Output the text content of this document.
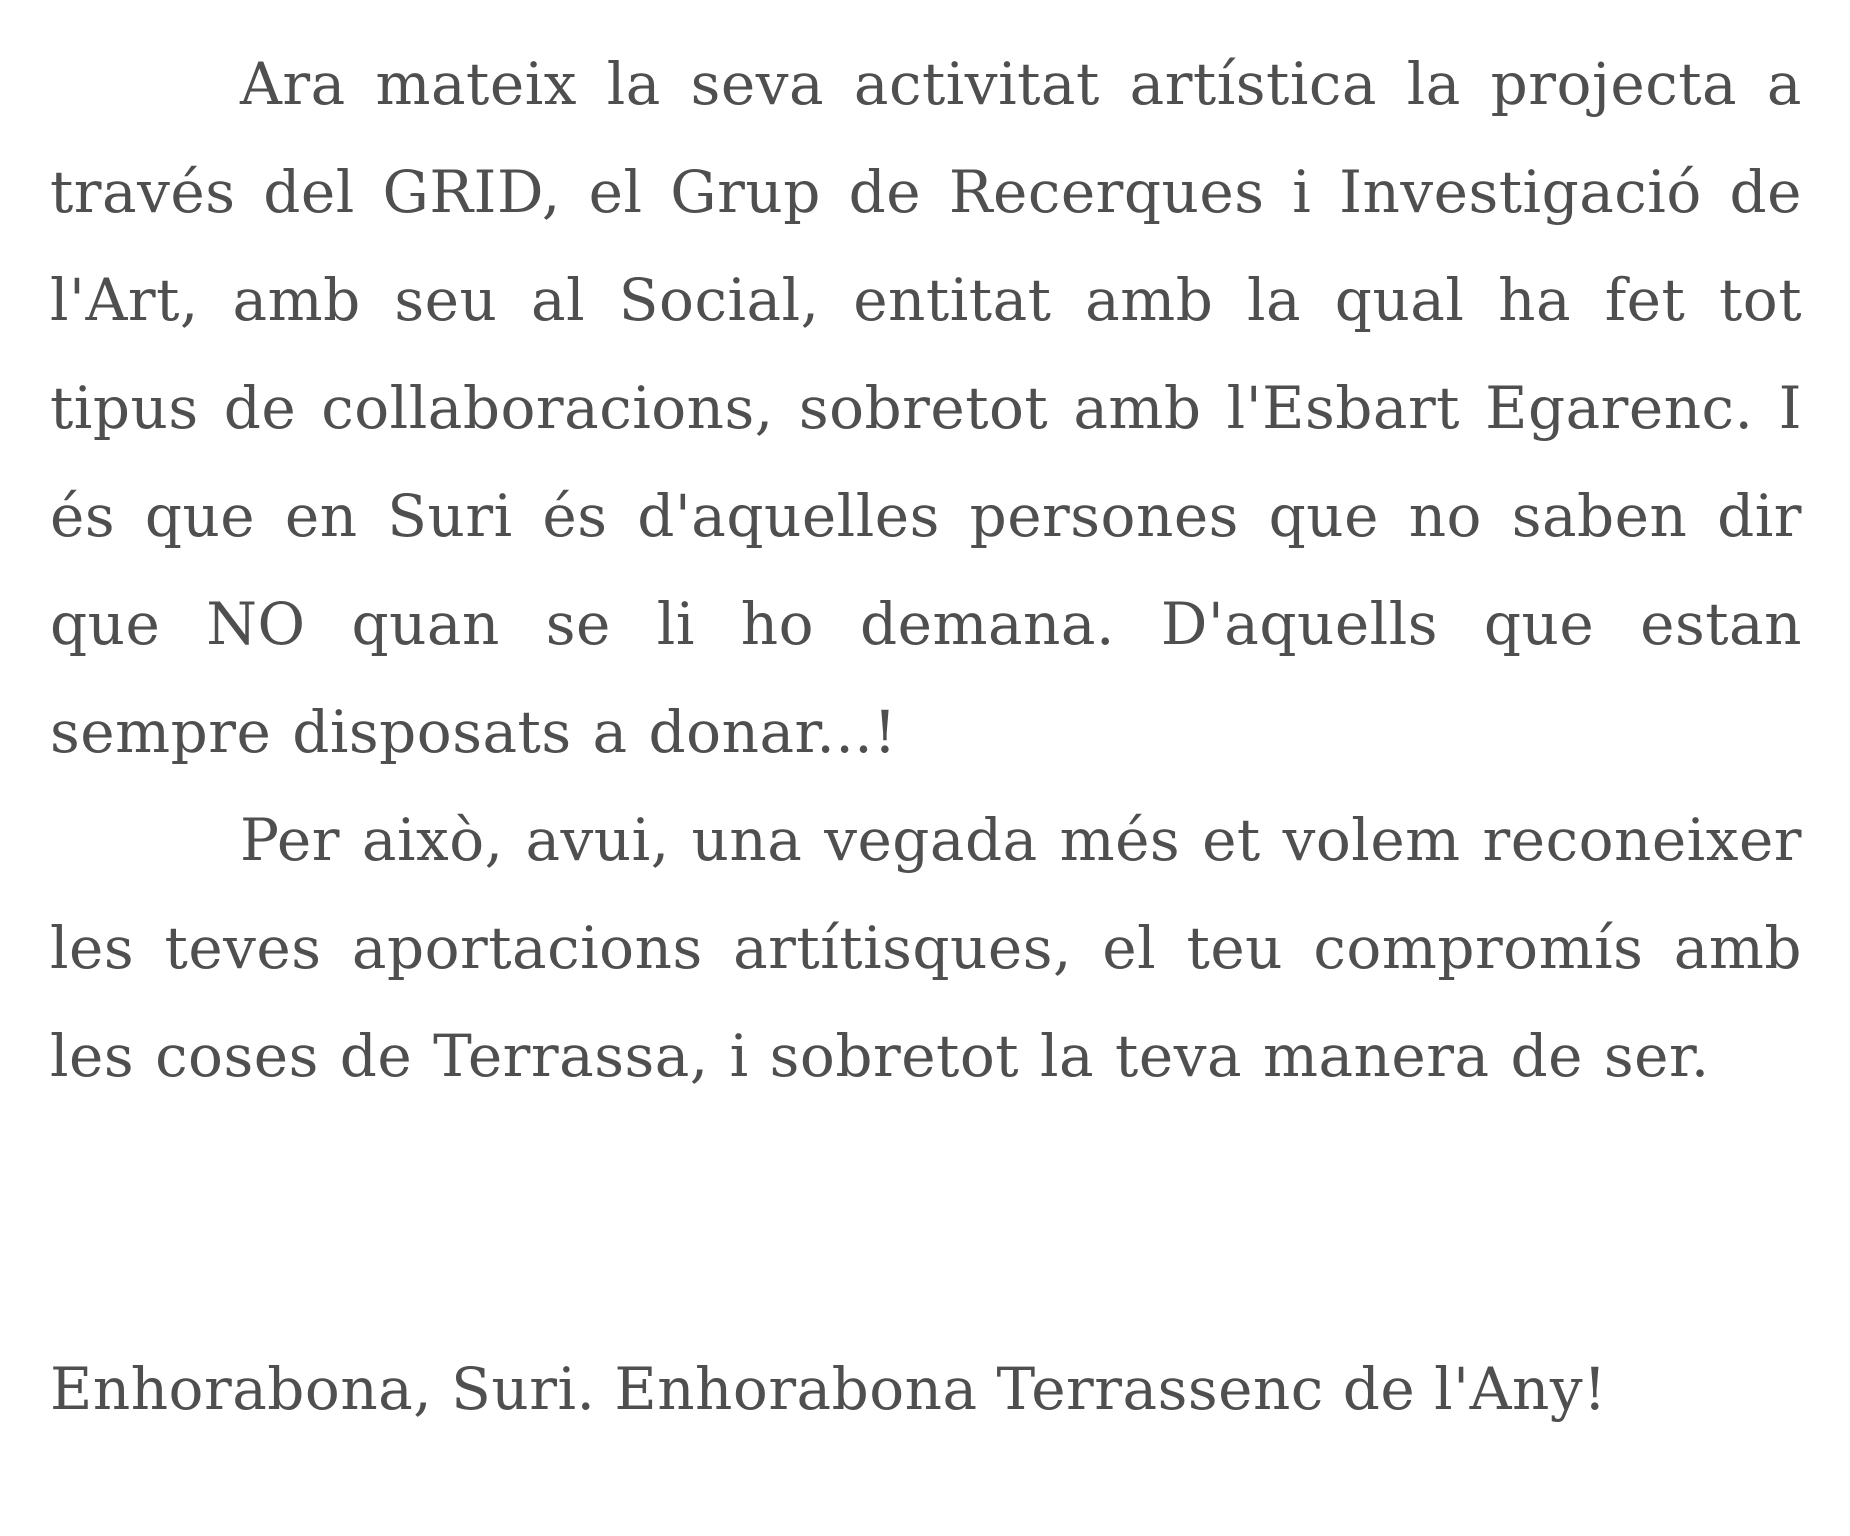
Ara mateix la seva activitat artística la projecta a través del GRID, el Grup de Recerques i Investigació de l'Art, amb seu al Social, entitat amb la qual ha fet tot tipus de collaboracions, sobretot amb l'Esbart Egarenc. I és que en Suri és d'aquelles persones que no saben dir que NO quan se li ho demana. D'aquells que estan sempre disposats a donar...!

Per això, avui, una vegada més et volem reconeixer les teves aportacions artítisques, el teu compromís amb les coses de Terrassa, i sobretot la teva manera de ser.

Enhorabona, Suri. Enhorabona Terrassenc de l'Any!
